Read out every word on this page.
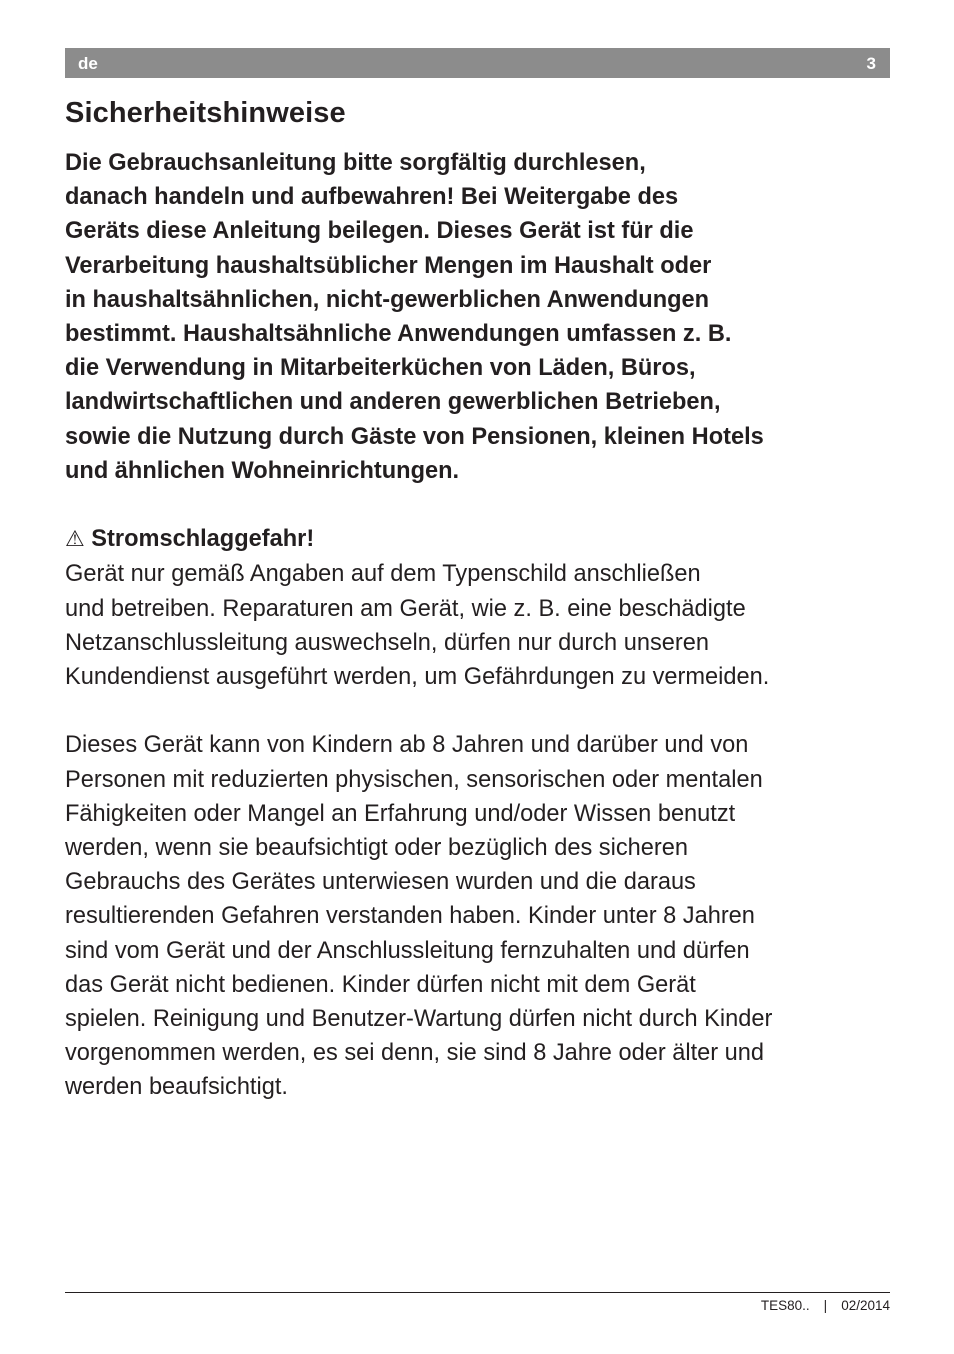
de	3
Sicherheitshinweise

Die Gebrauchsanleitung bitte sorgfältig durchlesen,
danach handeln und aufbewahren! Bei Weitergabe des
Geräts diese Anleitung beilegen. Dieses Gerät ist für die
Verarbeitung haushaltsüblicher Mengen im Haushalt oder
in haushaltsähnlichen, nicht-gewerblichen Anwendungen
bestimmt. Haushaltsähnliche Anwendungen umfassen z. B.
die Verwendung in Mitarbeiterküchen von Läden, Büros,
landwirtschaftlichen und anderen gewerblichen Betrieben,
sowie die Nutzung durch Gäste von Pensionen, kleinen Hotels
und ähnlichen Wohneinrichtungen.

⚠ Stromschlaggefahr!

Gerät nur gemäß Angaben auf dem Typenschild anschließen
und betreiben. Reparaturen am Gerät, wie z. B. eine beschädigte
Netzanschlussleitung auswechseln, dürfen nur durch unseren
Kundendienst ausgeführt werden, um Gefährdungen zu vermeiden.

Dieses Gerät kann von Kindern ab 8 Jahren und darüber und von
Personen mit reduzierten physischen, sensorischen oder mentalen
Fähigkeiten oder Mangel an Erfahrung und/oder Wissen benutzt
werden, wenn sie beaufsichtigt oder bezüglich des sicheren
Gebrauchs des Gerätes unterwiesen wurden und die daraus
resultierenden Gefahren verstanden haben. Kinder unter 8 Jahren
sind vom Gerät und der Anschlussleitung fernzuhalten und dürfen
das Gerät nicht bedienen. Kinder dürfen nicht mit dem Gerät
spielen. Reinigung und Benutzer-Wartung dürfen nicht durch Kinder
vorgenommen werden, es sei denn, sie sind 8 Jahre oder älter und
werden beaufsichtigt.

TES80.. | 02/2014
